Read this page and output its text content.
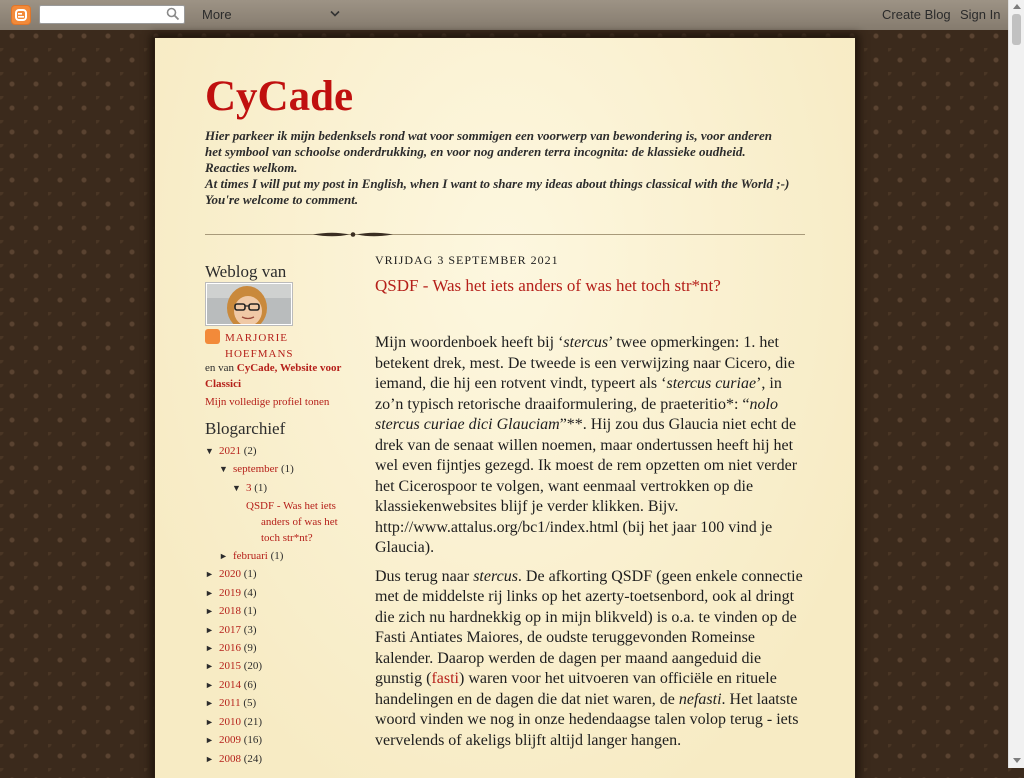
More	Create Blog Sign In
CyCade
Hier parkeer ik mijn bedenksels rond wat voor sommigen een voorwerp van bewondering is, voor anderen
het symbool van schoolse onderdrukking, en voor nog anderen terra incognita: de klassieke oudheid.
Reacties welkom.
At times I will put my post in English, when I want to share my ideas about things classical with the World ;-)
You're welcome to comment.
Weblog van
MARJORIE
HOEFMANS
en van CyCade, Website voor Classici
Mijn volledige profiel tonen
Blogarchief
▼ 2021 (2)
▼ september (1)
▼ 3 (1)
QSDF - Was het iets
anders of was het
toch str*nt?
► februari (1)
► 2020 (1)
► 2019 (4)
► 2018 (1)
► 2017 (3)
► 2016 (9)
► 2015 (20)
► 2014 (6)
► 2011 (5)
► 2010 (21)
► 2009 (16)
► 2008 (24)
VRIJDAG 3 SEPTEMBER 2021
QSDF - Was het iets anders of was het toch str*nt?

Mijn woordenboek heeft bij ‘stercus’ twee opmerkingen: 1. het betekent drek, mest. De tweede is een verwijzing naar Cicero, die iemand, die hij een rotvent vindt, typeert als ‘stercus curiae’, in zo’n typisch retorische draaiformulering, de praeteritio*: “nolo stercus curiae dici Glauciam”**. Hij zou dus Glaucia niet echt de drek van de senaat willen noemen, maar ondertussen heeft hij het wel even fijntjes gezegd. Ik moest de rem opzetten om niet verder het Cicerospoor te volgen, want eenmaal vertrokken op die klassiekenwebsites blijf je verder klikken. Bijv. http://www.attalus.org/bc1/index.html (bij het jaar 100 vind je Glaucia).

Dus terug naar stercus. De afkorting QSDF (geen enkele connectie met de middelste rij links op het azerty-toetsenbord, ook al dringt die zich nu hardnekkig op in mijn blikveld) is o.a. te vinden op de Fasti Antiates Maiores, de oudste teruggevonden Romeinse kalender. Daarop werden de dagen per maand aangeduid die gunstig (fasti) waren voor het uitvoeren van officiële en rituele handelingen en de dagen die dat niet waren, de nefasti. Het laatste woord vinden we nog in onze hedendaagse talen volop terug - iets vervelends of akeligs blijft altijd langer hangen.
